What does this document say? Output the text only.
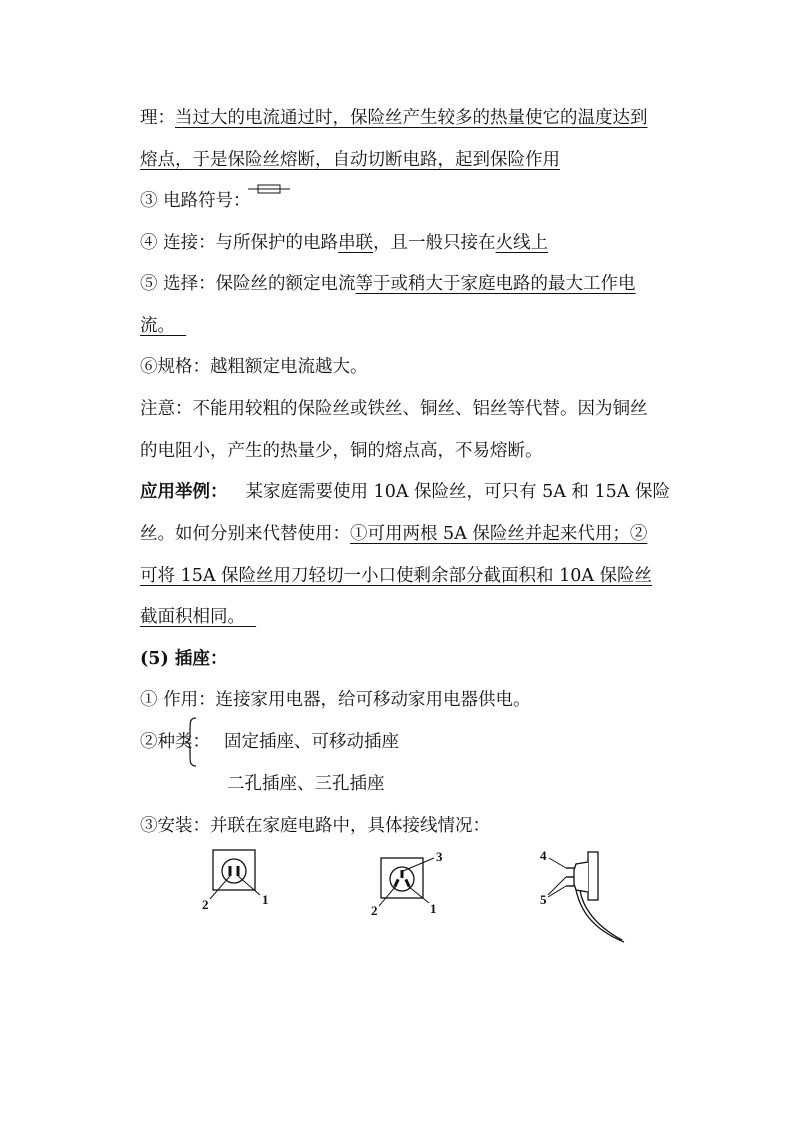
理：当过大的电流通过时，保险丝产生较多的热量使它的温度达到
熔点，于是保险丝熔断，自动切断电路，起到保险作用
③ 电路符号：
④ 连接：与所保护的电路串联，且一般只接在火线上
⑤ 选择：保险丝的额定电流等于或稍大于家庭电路的最大工作电
流。
⑥规格：越粗额定电流越大。
注意：不能用较粗的保险丝或铁丝、铜丝、铝丝等代替。因为铜丝
的电阻小，产生的热量少，铜的熔点高，不易熔断。
应用举例： 某家庭需要使用 10A 保险丝，可只有 5A 和 15A 保险
丝。如何分别来代替使用：①可用两根 5A 保险丝并起来代用；②
可将 15A 保险丝用刀轻切一小口使剩余部分截面积和 10A 保险丝
截面积相同。
(5) 插座：
① 作用：连接家用电器，给可移动家用电器供电。
②种类： 固定插座、可移动插座
二孔插座、三孔插座
③安装：并联在家庭电路中，具体接线情况：
2	1
3
2	1
4
5
